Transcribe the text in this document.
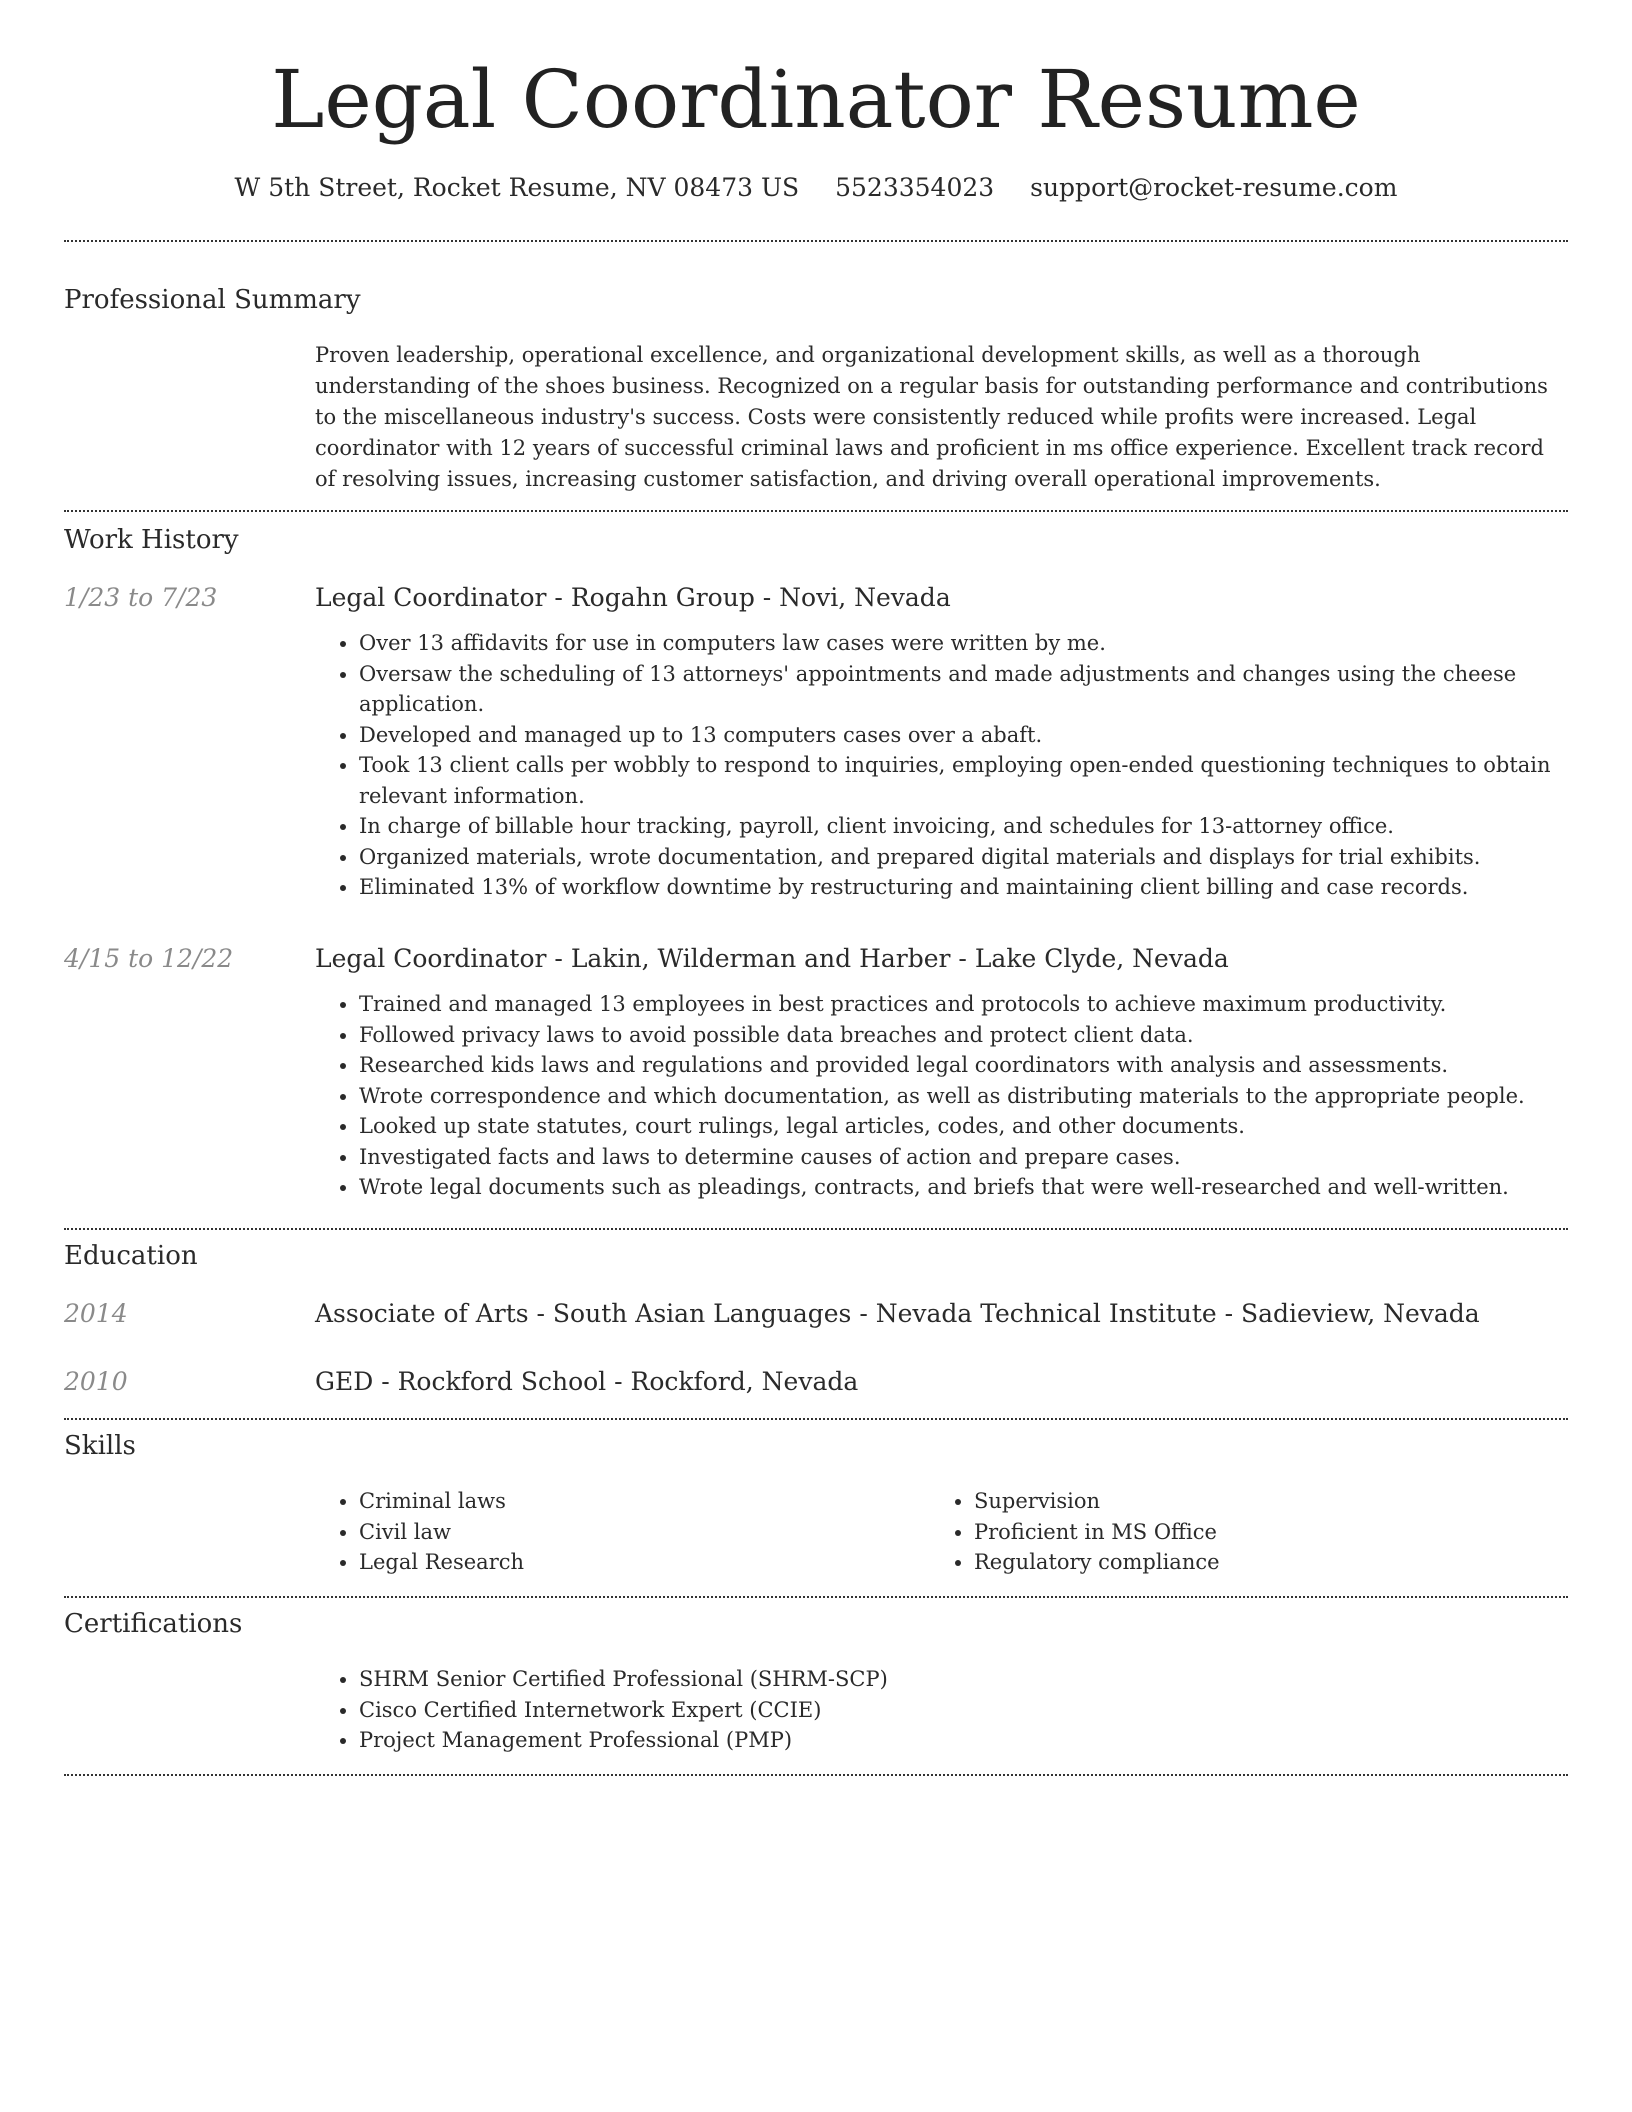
Legal Coordinator Resume
W 5th Street, Rocket Resume, NV 08473 US 5523354023 support@rocket-resume.com
Professional Summary

Proven leadership, operational excellence, and organizational development skills, as well as a thorough understanding of the shoes business. Recognized on a regular basis for outstanding performance and contributions to the miscellaneous industry's success. Costs were consistently reduced while profits were increased. Legal coordinator with 12 years of successful criminal laws and proficient in ms office experience. Excellent track record of resolving issues, increasing customer satisfaction, and driving overall operational improvements.

Work History
1/23 to 7/23	Legal Coordinator - Rogahn Group - Novi, Nevada

• Over 13 affidavits for use in computers law cases were written by me.
• Oversaw the scheduling of 13 attorneys' appointments and made adjustments and changes using the cheese application.
• Developed and managed up to 13 computers cases over a abaft.
• Took 13 client calls per wobbly to respond to inquiries, employing open-ended questioning techniques to obtain relevant information.
• In charge of billable hour tracking, payroll, client invoicing, and schedules for 13-attorney office.
• Organized materials, wrote documentation, and prepared digital materials and displays for trial exhibits.
• Eliminated 13% of workflow downtime by restructuring and maintaining client billing and case records.
4/15 to 12/22	Legal Coordinator - Lakin, Wilderman and Harber - Lake Clyde, Nevada

• Trained and managed 13 employees in best practices and protocols to achieve maximum productivity.
• Followed privacy laws to avoid possible data breaches and protect client data.
• Researched kids laws and regulations and provided legal coordinators with analysis and assessments.
• Wrote correspondence and which documentation, as well as distributing materials to the appropriate people.
• Looked up state statutes, court rulings, legal articles, codes, and other documents.
• Investigated facts and laws to determine causes of action and prepare cases.
• Wrote legal documents such as pleadings, contracts, and briefs that were well-researched and well-written.
Education
2014	Associate of Arts - South Asian Languages - Nevada Technical Institute - Sadieview, Nevada

2010	GED - Rockford School - Rockford, Nevada

Skills
• Criminal laws
• Civil law
• Legal Research
• Supervision
• Proficient in MS Office
• Regulatory compliance
Certifications
• SHRM Senior Certified Professional (SHRM-SCP)
• Cisco Certified Internetwork Expert (CCIE)
• Project Management Professional (PMP)
